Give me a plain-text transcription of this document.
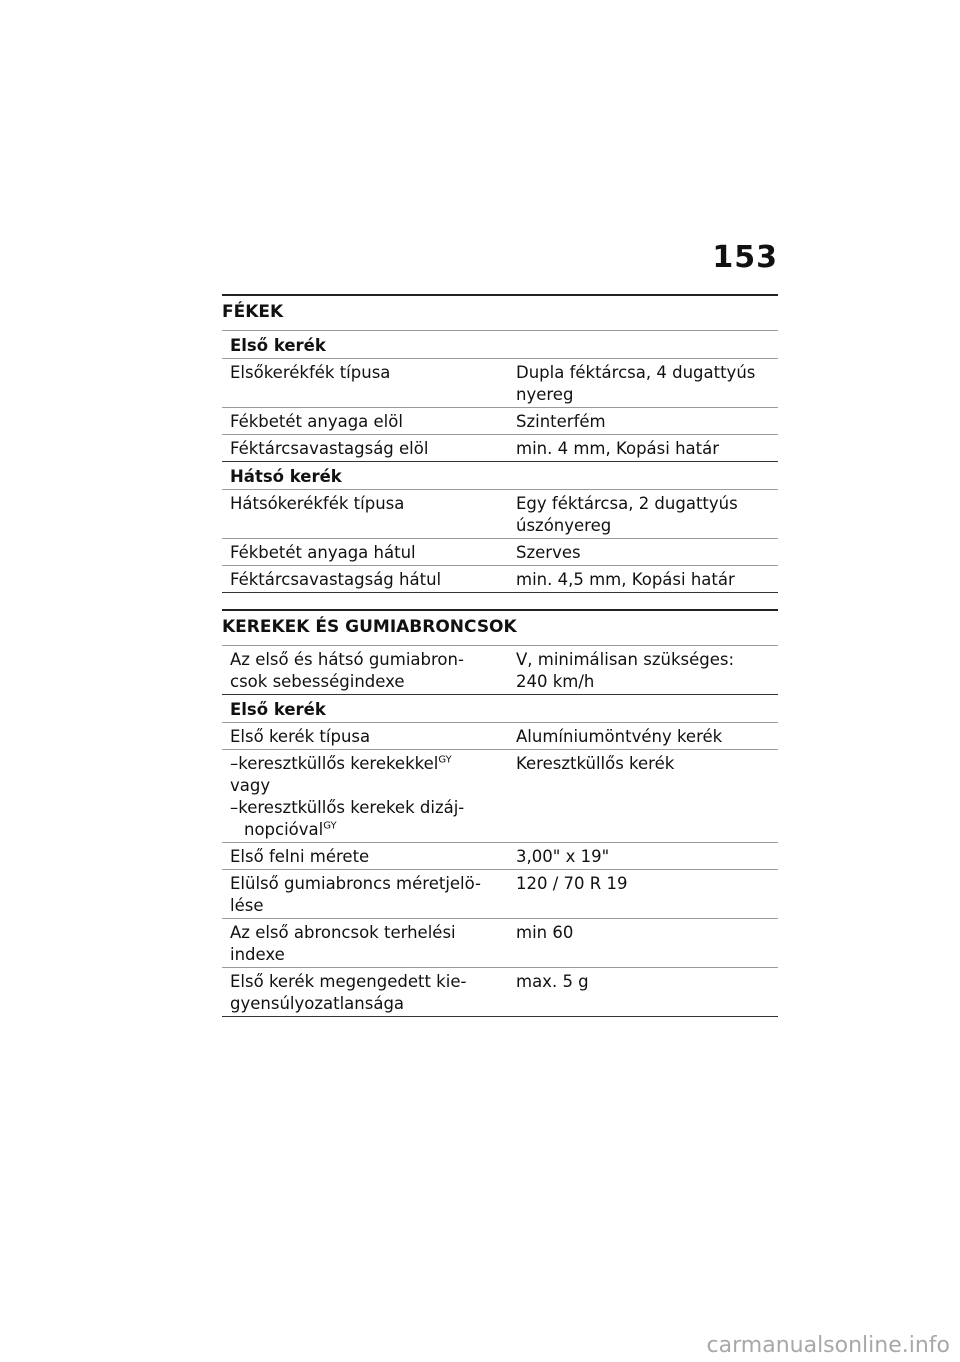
153
FÉKEK
Első kerék	
Elsőkerékfék típusa	Dupla féktárcsa, 4 dugattyús nyereg
Fékbetét anyaga elöl	Szinterfém
Féktárcsavastagság elöl	min. 4 mm, Kopási határ
Hátsó kerék	
Hátsókerékfék típusa	Egy féktárcsa, 2 dugattyús úszónyereg
Fékbetét anyaga hátul	Szerves
Féktárcsavastagság hátul	min. 4,5 mm, Kopási határ
KEREKEK ÉS GUMIABRONCSOK
Az első és hátsó gumiabron-csok sebességindexe	V, minimálisan szükséges: 240 km/h
Első kerék	
Első kerék típusa	Alumíniumöntvény kerék

–keresztküllős kerekekkel$^{GY}$
vagy
–keresztküllős kerekek dizáj-nopcióval$^{GY}$	Keresztküllős kerék
Első felni mérete	3,00" x 19"
Elülső gumiabroncs méretjelö-lése	120 / 70 R 19
Az első abroncsok terhelési indexe	min 60
Első kerék megengedett kie-gyensúlyozatlansága	max. 5 g
carmanualsonline.info
